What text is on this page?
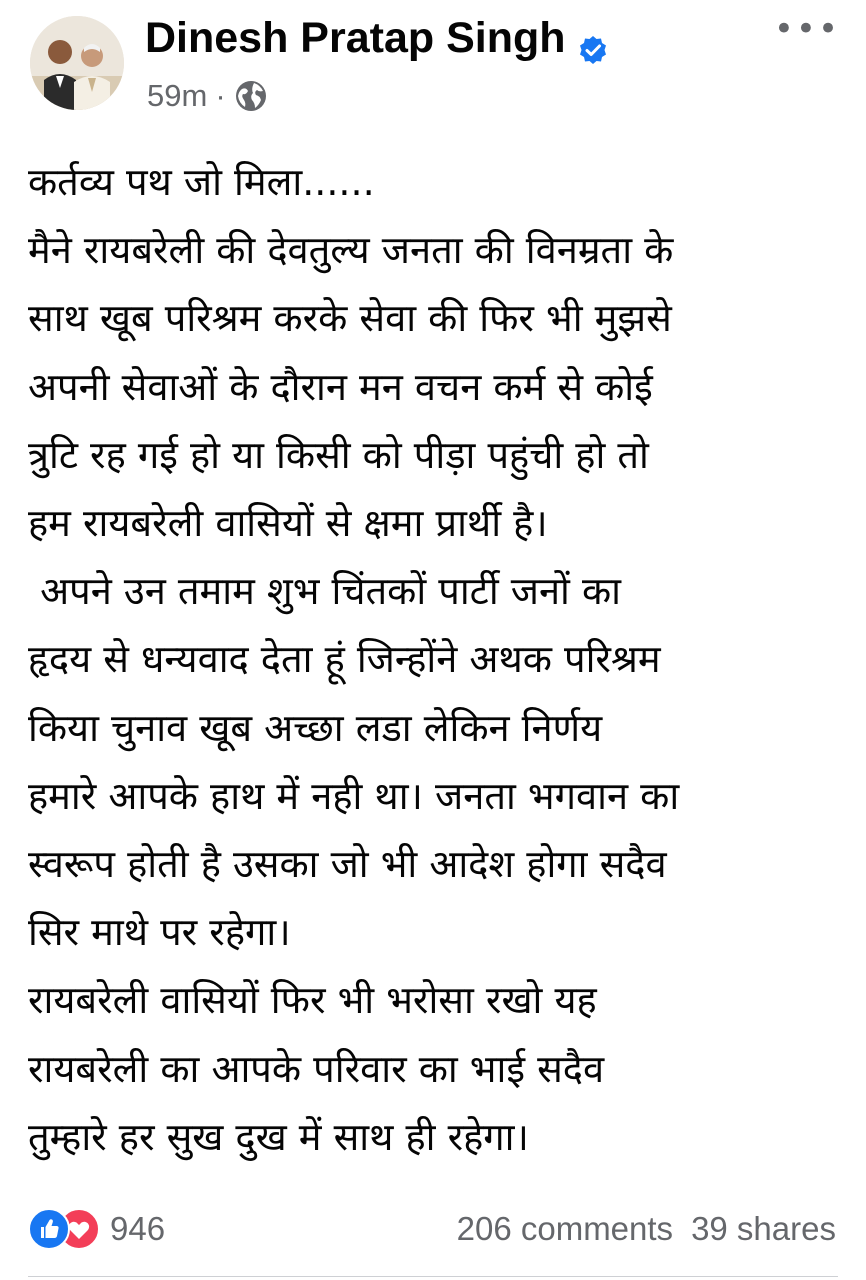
Dinesh Pratap Singh
59m ·
•••
कर्तव्य पथ जो मिला......
मैने रायबरेली की देवतुल्य जनता की विनम्रता के
साथ खूब परिश्रम करके सेवा की फिर भी मुझसे
अपनी सेवाओं के दौरान मन वचन कर्म से कोई
त्रुटि रह गई हो या किसी को पीड़ा पहुंची हो तो
हम रायबरेली वासियों से क्षमा प्रार्थी है।
अपने उन तमाम शुभ चिंतकों पार्टी जनों का
हृदय से धन्यवाद देता हूं जिन्होंने अथक परिश्रम
किया चुनाव खूब अच्छा लडा लेकिन निर्णय
हमारे आपके हाथ में नही था। जनता भगवान का
स्वरूप होती है उसका जो भी आदेश होगा सदैव
सिर माथे पर रहेगा।
रायबरेली वासियों फिर भी भरोसा रखो यह
रायबरेली का आपके परिवार का भाई सदैव
तुम्हारे हर सुख दुख में साथ ही रहेगा।
946	206 comments 39 shares
